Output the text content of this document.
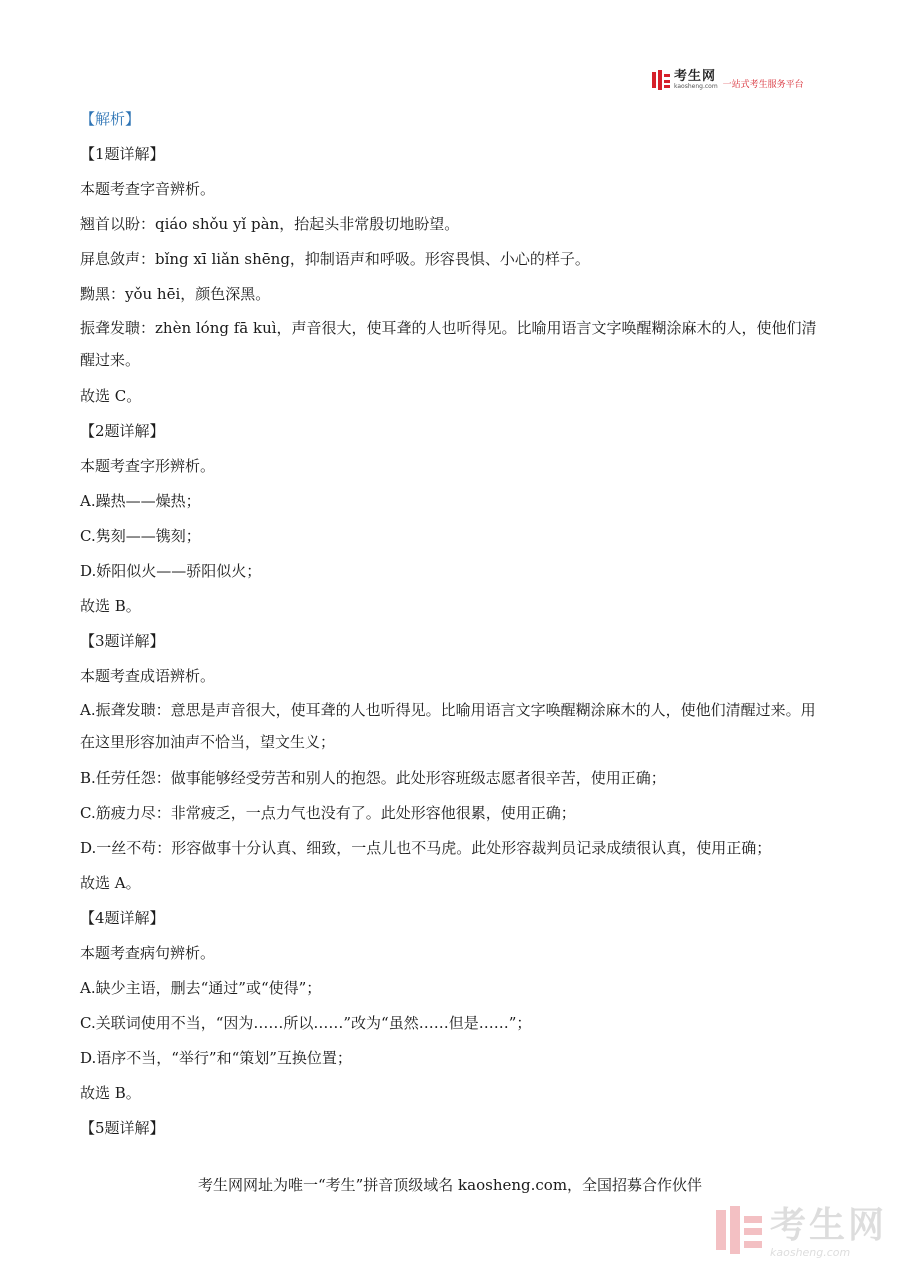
考生网
kaosheng.com 一站式考生服务平台
【解析】
【1题详解】
本题考查字音辨析。
翘首以盼：qiáo shǒu yǐ pàn，抬起头非常殷切地盼望。
屏息敛声：bǐng xī liǎn shēng，抑制语声和呼吸。形容畏惧、小心的样子。
黝黑：yǒu hēi，颜色深黑。
振聋发聩：zhèn lóng fā kuì，声音很大，使耳聋的人也听得见。比喻用语言文字唤醒糊涂麻木的人，使他们清醒过来。
故选 C。
【2题详解】
本题考查字形辨析。
A.躁热——燥热；
C.隽刻——镌刻；
D.娇阳似火——骄阳似火；
故选 B。
【3题详解】
本题考查成语辨析。
A.振聋发聩：意思是声音很大，使耳聋的人也听得见。比喻用语言文字唤醒糊涂麻木的人，使他们清醒过来。用在这里形容加油声不恰当，望文生义；
B.任劳任怨：做事能够经受劳苦和别人的抱怨。此处形容班级志愿者很辛苦，使用正确；
C.筋疲力尽：非常疲乏，一点力气也没有了。此处形容他很累，使用正确；
D.一丝不苟：形容做事十分认真、细致，一点儿也不马虎。此处形容裁判员记录成绩很认真，使用正确；
故选 A。
【4题详解】
本题考查病句辨析。
A.缺少主语，删去“通过”或“使得”；
C.关联词使用不当，“因为……所以……”改为“虽然……但是……”；
D.语序不当，“举行”和“策划”互换位置；
故选 B。
【5题详解】
考生网网址为唯一“考生”拼音顶级域名 kaosheng.com，全国招募合作伙伴
考生网
kaosheng.com
